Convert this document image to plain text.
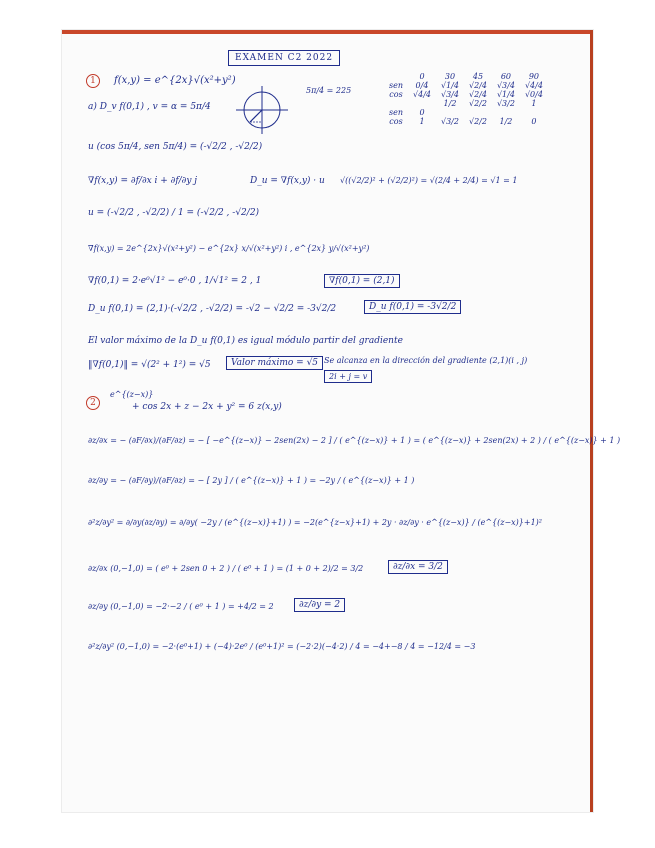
EXAMEN C2 2022
1	f(x,y) = e^{2x}√(x²+y²)
a) D_v f(0,1) , v = α = 5π/4
5π/4 = 225
	0	30	45	60	90
sen	0/4	√1/4	√2/4	√3/4	√4/4
cos	√4/4	√3/4	√2/4	√1/4	√0/4
		1/2	√2/2	√3/2	1
sen	0				
cos	1	√3/2	√2/2	1/2	0
u (cos 5π/4, sen 5π/4) = (-√2/2 , -√2/2)
∇f(x,y) = ∂f/∂x i + ∂f/∂y j	D_u = ∇f(x,y) · u √((√2/2)² + (√2/2)²) = √(2/4 + 2/4) = √1 = 1
u = (-√2/2 , -√2/2) / 1 = (-√2/2 , -√2/2)
∇f(x,y) = 2e^{2x}√(x²+y²) − e^{2x} x/√(x²+y²) i , e^{2x} y/√(x²+y²)
∇f(0,1) = 2·e⁰√1² − e⁰·0 , 1/√1² = 2 , 1	∇f(0,1) = (2,1)
D_u f(0,1) = (2,1)·(-√2/2 , -√2/2) = -√2 − √2/2 = -3√2/2	D_u f(0,1) = -3√2/2
El valor máximo de la D_u f(0,1) es igual módulo partir del gradiente
‖∇f(0,1)‖ = √(2² + 1²) = √5	Valor máximo = √5 Se alcanza en la dirección del gradiente (2,1)(i , j)
2i + j = v
2
e^{(z−x)}
+ cos 2x + z − 2x + y² = 6 z(x,y)
∂z/∂x = − (∂F/∂x)/(∂F/∂z) = − [ −e^{(z−x)} − 2sen(2x) − 2 ] / ( e^{(z−x)} + 1 ) = ( e^{(z−x)} + 2sen(2x) + 2 ) / ( e^{(z−x)} + 1 )
∂z/∂y = − (∂F/∂y)/(∂F/∂z) = − [ 2y ] / ( e^{(z−x)} + 1 ) = −2y / ( e^{(z−x)} + 1 )
∂²z/∂y² = ∂/∂y(∂z/∂y) = ∂/∂y( −2y / (e^{(z−x)}+1) ) = −2(e^{z−x}+1) + 2y · ∂z/∂y · e^{(z−x)} / (e^{(z−x)}+1)²
∂z/∂x (0,−1,0) = ( e⁰ + 2sen 0 + 2 ) / ( e⁰ + 1 ) = (1 + 0 + 2)/2 = 3/2	∂z/∂x = 3/2
∂z/∂y (0,−1,0) = −2·−2 / ( e⁰ + 1 ) = +4/2 = 2	∂z/∂y = 2
∂²z/∂y² (0,−1,0) = −2·(e⁰+1) + (−4)·2e⁰ / (e⁰+1)² = (−2·2)(−4·2) / 4 = −4+−8 / 4 = −12/4 = −3
